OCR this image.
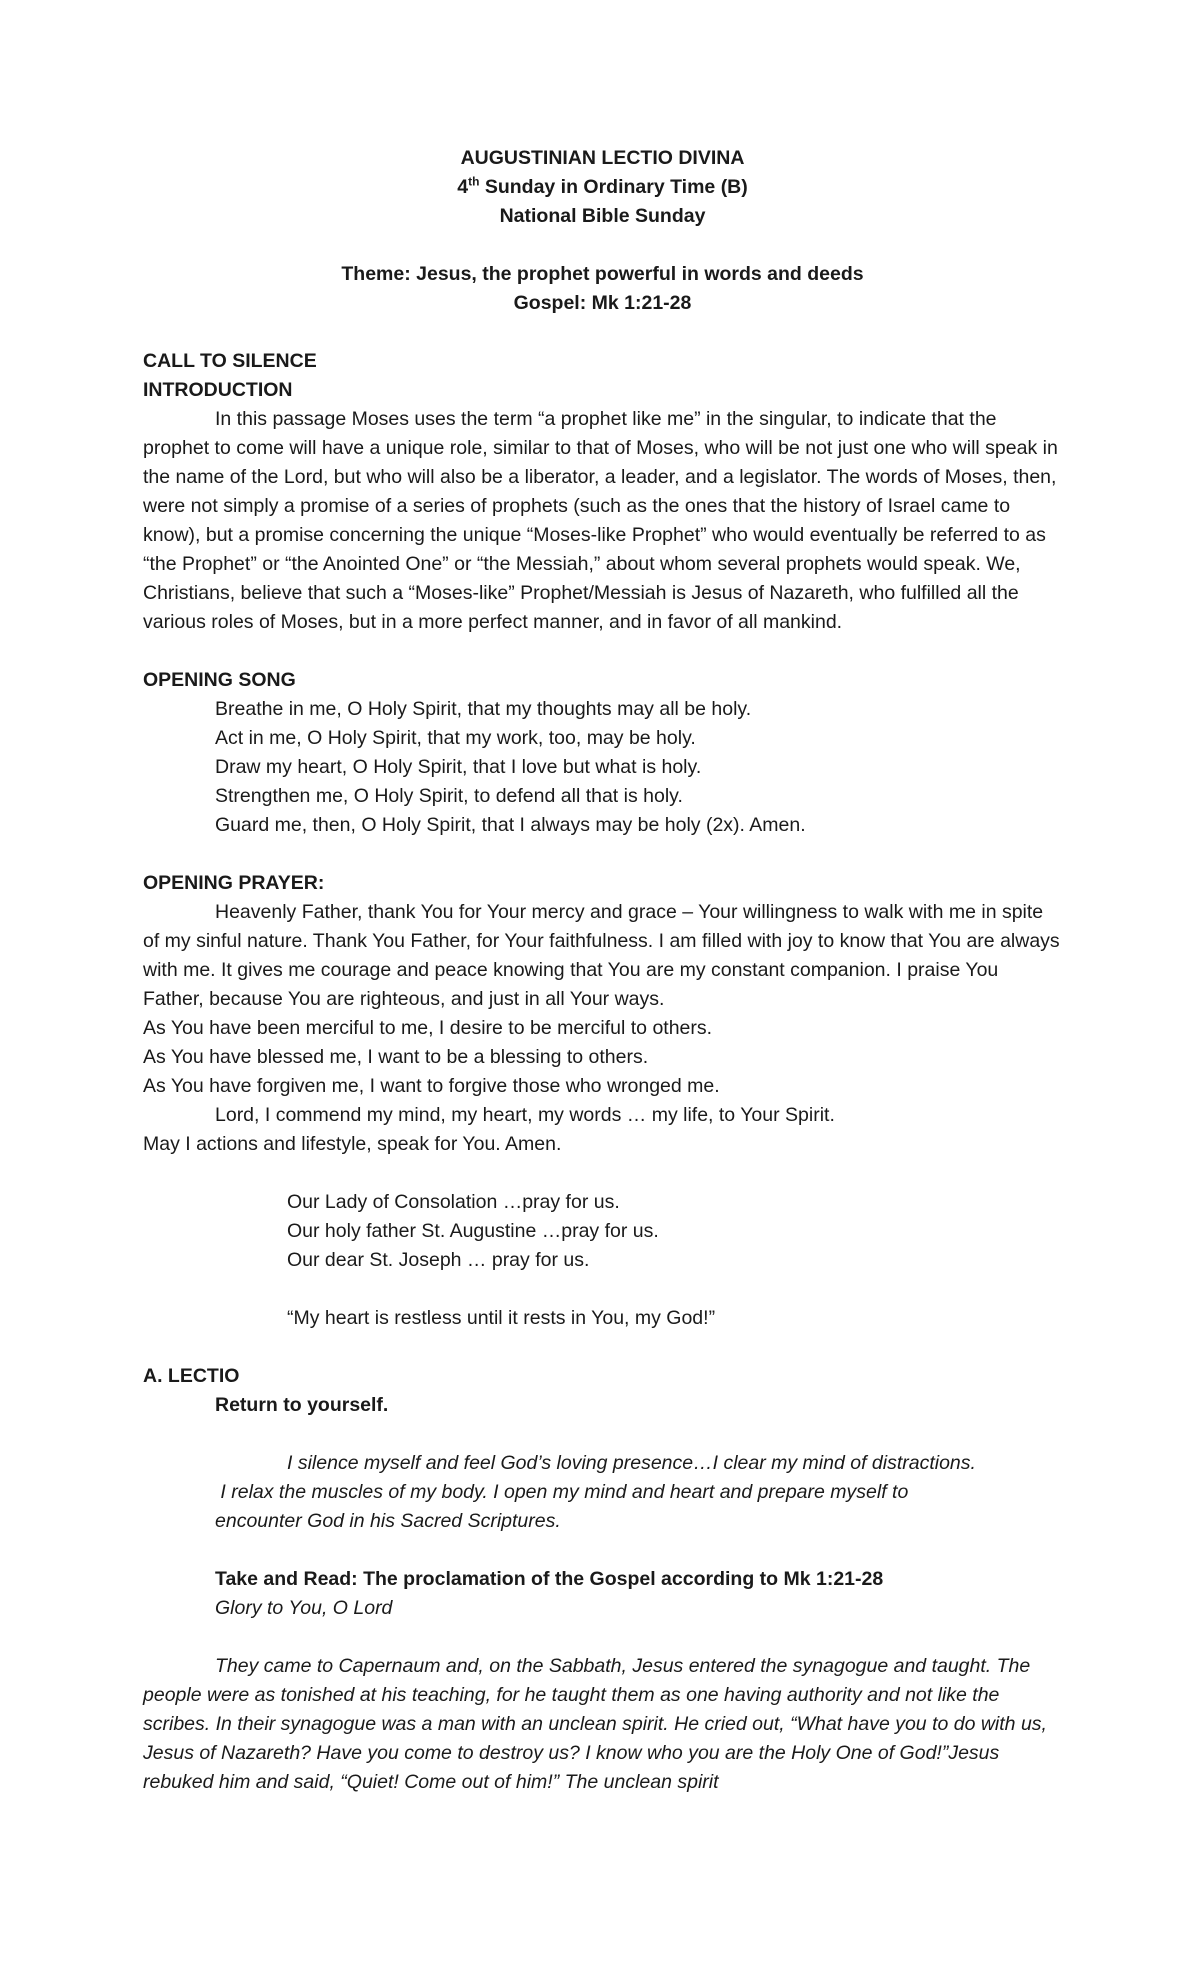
AUGUSTINIAN LECTIO DIVINA

4th Sunday in Ordinary Time (B)

National Bible Sunday

Theme: Jesus, the prophet powerful in words and deeds

Gospel: Mk 1:21-28

CALL TO SILENCE

INTRODUCTION

In this passage Moses uses the term “a prophet like me” in the singular, to indicate that the prophet to come will have a unique role, similar to that of Moses, who will be not just one who will speak in the name of the Lord, but who will also be a liberator, a leader, and a legislator. The words of Moses, then, were not simply a promise of a series of prophets (such as the ones that the history of Israel came to know), but a promise concerning the unique “Moses-like Prophet” who would eventually be referred to as “the Prophet” or “the Anointed One” or “the Messiah,” about whom several prophets would speak. We, Christians, believe that such a “Moses-like” Prophet/Messiah is Jesus of Nazareth, who fulfilled all the various roles of Moses, but in a more perfect manner, and in favor of all mankind.

OPENING SONG

Breathe in me, O Holy Spirit, that my thoughts may all be holy.

Act in me, O Holy Spirit, that my work, too, may be holy.

Draw my heart, O Holy Spirit, that I love but what is holy.

Strengthen me, O Holy Spirit, to defend all that is holy.

Guard me, then, O Holy Spirit, that I always may be holy (2x). Amen.

OPENING PRAYER:

Heavenly Father, thank You for Your mercy and grace – Your willingness to walk with me in spite of my sinful nature. Thank You Father, for Your faithfulness. I am filled with joy to know that You are always with me. It gives me courage and peace knowing that You are my constant companion. I praise You Father, because You are righteous, and just in all Your ways.

As You have been merciful to me, I desire to be merciful to others.

As You have blessed me, I want to be a blessing to others.

As You have forgiven me, I want to forgive those who wronged me.

Lord, I commend my mind, my heart, my words … my life, to Your Spirit.

May I actions and lifestyle, speak for You. Amen.

Our Lady of Consolation …pray for us.

Our holy father St. Augustine …pray for us.

Our dear St. Joseph … pray for us.

“My heart is restless until it rests in You, my God!”

A. LECTIO

Return to yourself.

I silence myself and feel God’s loving presence…I clear my mind of distractions.

I relax the muscles of my body. I open my mind and heart and prepare myself to

encounter God in his Sacred Scriptures.

Take and Read: The proclamation of the Gospel according to Mk 1:21-28

Glory to You, O Lord

They came to Capernaum and, on the Sabbath, Jesus entered the synagogue and taught. The people were as tonished at his teaching, for he taught them as one having authority and not like the scribes. In their synagogue was a man with an unclean spirit. He cried out, “What have you to do with us, Jesus of Nazareth? Have you come to destroy us? I know who you are the Holy One of God!”Jesus rebuked him and said, “Quiet! Come out of him!” The unclean spirit
